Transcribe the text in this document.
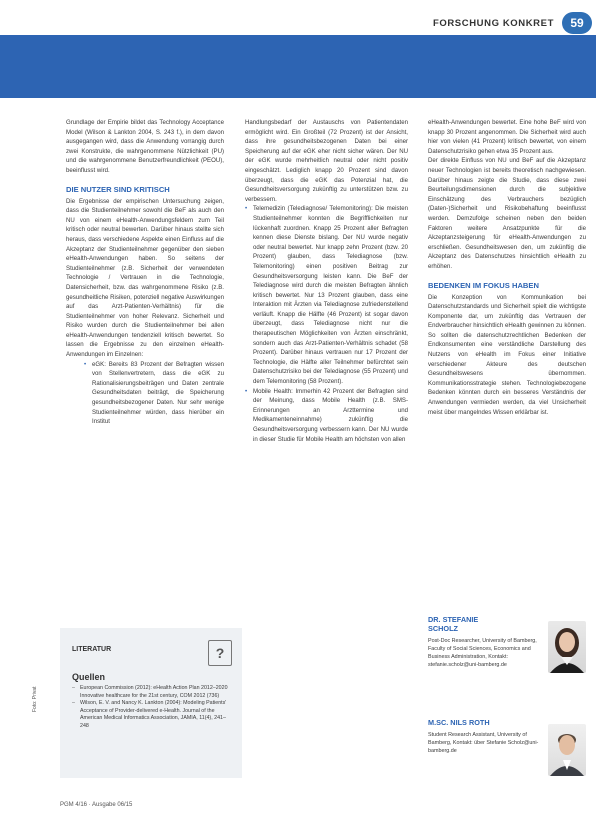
FORSCHUNG KONKRET	59

Grundlage der Empirie bildet das Technology Acceptance Model (Wilson & Lankton 2004, S. 243 f.), in dem davon ausgegangen wird, dass die Anwendung vorrangig durch zwei Konstrukte, die wahrgenommene Nützlichkeit (PU) und die wahrgenommene Benutzerfreundlichkeit (PEOU), beeinflusst wird.

DIE NUTZER SIND KRITISCH

Die Ergebnisse der empirischen Untersuchung zeigen, dass die Studienteilnehmer sowohl die BeF als auch den NU von einem eHealth-Anwendungsfeldern zum Teil kritisch oder neutral bewerten. Darüber hinaus stellte sich heraus, dass verschiedene Aspekte einen Einfluss auf die Akzeptanz der Studienteilnehmer gegenüber den sieben eHealth-Anwendungen haben. So seitens der Studienteilnehmer (z.B. Sicherheit der verwendeten Technologie / Vertrauen in die Technologie, Datensicherheit, bzw. das wahrgenommene Risiko (z.B. gesundheitliche Risiken, potenziell negative Auswirkungen auf das Arzt-Patienten-Verhältnis) für die Studienteilnehmer von hoher Relevanz. Sicherheit und Risiko wurden durch die Studienteilnehmer bei allen eHealth-Anwendungen tendenziell kritisch bewertet. So lassen die Ergebnisse zu den einzelnen eHealth-Anwendungen im Einzelnen:

• eGK: Bereits 83 Prozent der Befragten wissen von Stellenvertretern, dass die eGK zu Rationalisierungsbeiträgen und Daten zentrale Gesundheitsdaten beiträgt, die Speicherung gesundheitsbezogener Daten. Nur sehr wenige Studienteilnehmer würden, dass hierüber ein Institut
LITERATUR	?
Quellen
– European Commission (2012): eHealth Action Plan 2012–2020 Innovative healthcare for the 21st century, COM 2012 (736)
– Wilson, E. V. and Nancy K. Lankton (2004): Modeling Patients' Acceptance of Provider-delivered e-Health. Journal of the American Medical Informatics Association, JAMIA, 11(4), 241–248

Handlungsbedarf der Austauschs von Patientendaten ermöglicht wird. Ein Großteil (72 Prozent) ist der Ansicht, dass ihre gesundheitsbezogenen Daten bei einer Speicherung auf der eGK eher nicht sicher wären. Der NU der eGK wurde mehrheitlich neutral oder nicht positiv eingeschätzt. Lediglich knapp 20 Prozent sind davon überzeugt, dass die eGK das Potenzial hat, die Gesundheitsversorgung zukünftig zu unterstützen bzw. zu verbessern.

• Telemedizin (Telediagnose/ Telemonitoring): Die meisten Studienteilnehmer konnten die Begrifflichkeiten nur lückenhaft zuordnen. Knapp 25 Prozent aller Befragten kennen diese Dienste bislang. Der NU wurde negativ oder neutral bewertet. Nur knapp zehn Prozent (bzw. 20 Prozent) glauben, dass Telediagnose (bzw. Telemonitoring) einen positiven Beitrag zur Gesundheitsversorgung leisten kann. Die BeF der Telediagnose wird durch die meisten Befragten ähnlich kritisch bewertet. Nur 13 Prozent glauben, dass eine Interaktion mit Ärzten via Telediagnose zufriedenstellend verläuft. Knapp die Hälfte (46 Prozent) ist sogar davon überzeugt, dass Telediagnose nicht nur die therapeutischen Möglichkeiten von Ärzten einschränkt, sondern auch das Arzt-Patienten-Verhältnis schadet (58 Prozent). Darüber hinaus vertrauen nur 17 Prozent der Technologie, die Hälfte aller Teilnehmer befürchtet sein Datenschutzrisiko bei der Telediagnose (55 Prozent) und dem Telemonitoring (58 Prozent).
• Mobile Health: Immerhin 42 Prozent der Befragten sind der Meinung, dass Mobile Health (z.B. SMS-Erinnerungen an Arzttermine und Medikamenteneinnahme) zukünftig die Gesundheitsversorgung verbessern kann. Der NU wurde in dieser Studie für Mobile Health am höchsten von allen

eHealth-Anwendungen bewertet. Eine hohe BeF wird von knapp 30 Prozent angenommen. Die Sicherheit wird auch hier von vielen (41 Prozent) kritisch bewertet, von einem Datenschutzrisiko gehen etwa 35 Prozent aus.

Der direkte Einfluss von NU und BeF auf die Akzeptanz neuer Technologien ist bereits theoretisch nachgewiesen. Darüber hinaus zeigte die Studie, dass diese zwei Beurteilungsdimensionen durch die subjektive Einschätzung des Verbrauchers bezüglich (Daten-)Sicherheit und Risikobehaftung beeinflusst werden. Demzufolge scheinen neben den beiden Faktoren weitere Ansatzpunkte für die Akzeptanzsteigerung für eHealth-Anwendungen zu erschließen. Gesundheitswesen den, um zukünftig die Akzeptanz des Datenschutzes hinsichtlich eHealth zu erhöhen.

BEDENKEN IM FOKUS HABEN

Die Konzeption von Kommunikation bei Datenschutzstandards und Sicherheit spielt die wichtigste Komponente dar, um zukünftig das Vertrauen der Endverbraucher hinsichtlich eHealth gewinnen zu können. So sollten die datenschutzrechtlichen Bedenken der Endkonsumenten eine verständliche Darstellung des Nutzens von eHealth im Fokus einer Initiative verschiedener Akteure des deutschen Gesundheitswesens übernommen. Kommunikationsstrategie stehen. Technologiebezogene Bedenken könnten durch ein besseres Verständnis der Anwendungen vermieden werden, da viel Unsicherheit meist über mangelndes Wissen erklärbar ist.

DR. STEFANIE
SCHOLZ
Post-Doc Researcher, University of Bamberg, Faculty of Social Sciences, Economics and Business Administration, Kontakt: stefanie.scholz@uni-bamberg.de
M.SC. NILS ROTH
Student Research Assistant, University of Bamberg, Kontakt: über Stefanie Scholz@uni-bamberg.de
Foto: Privat
PGM 4/16 · Ausgabe 06/15
